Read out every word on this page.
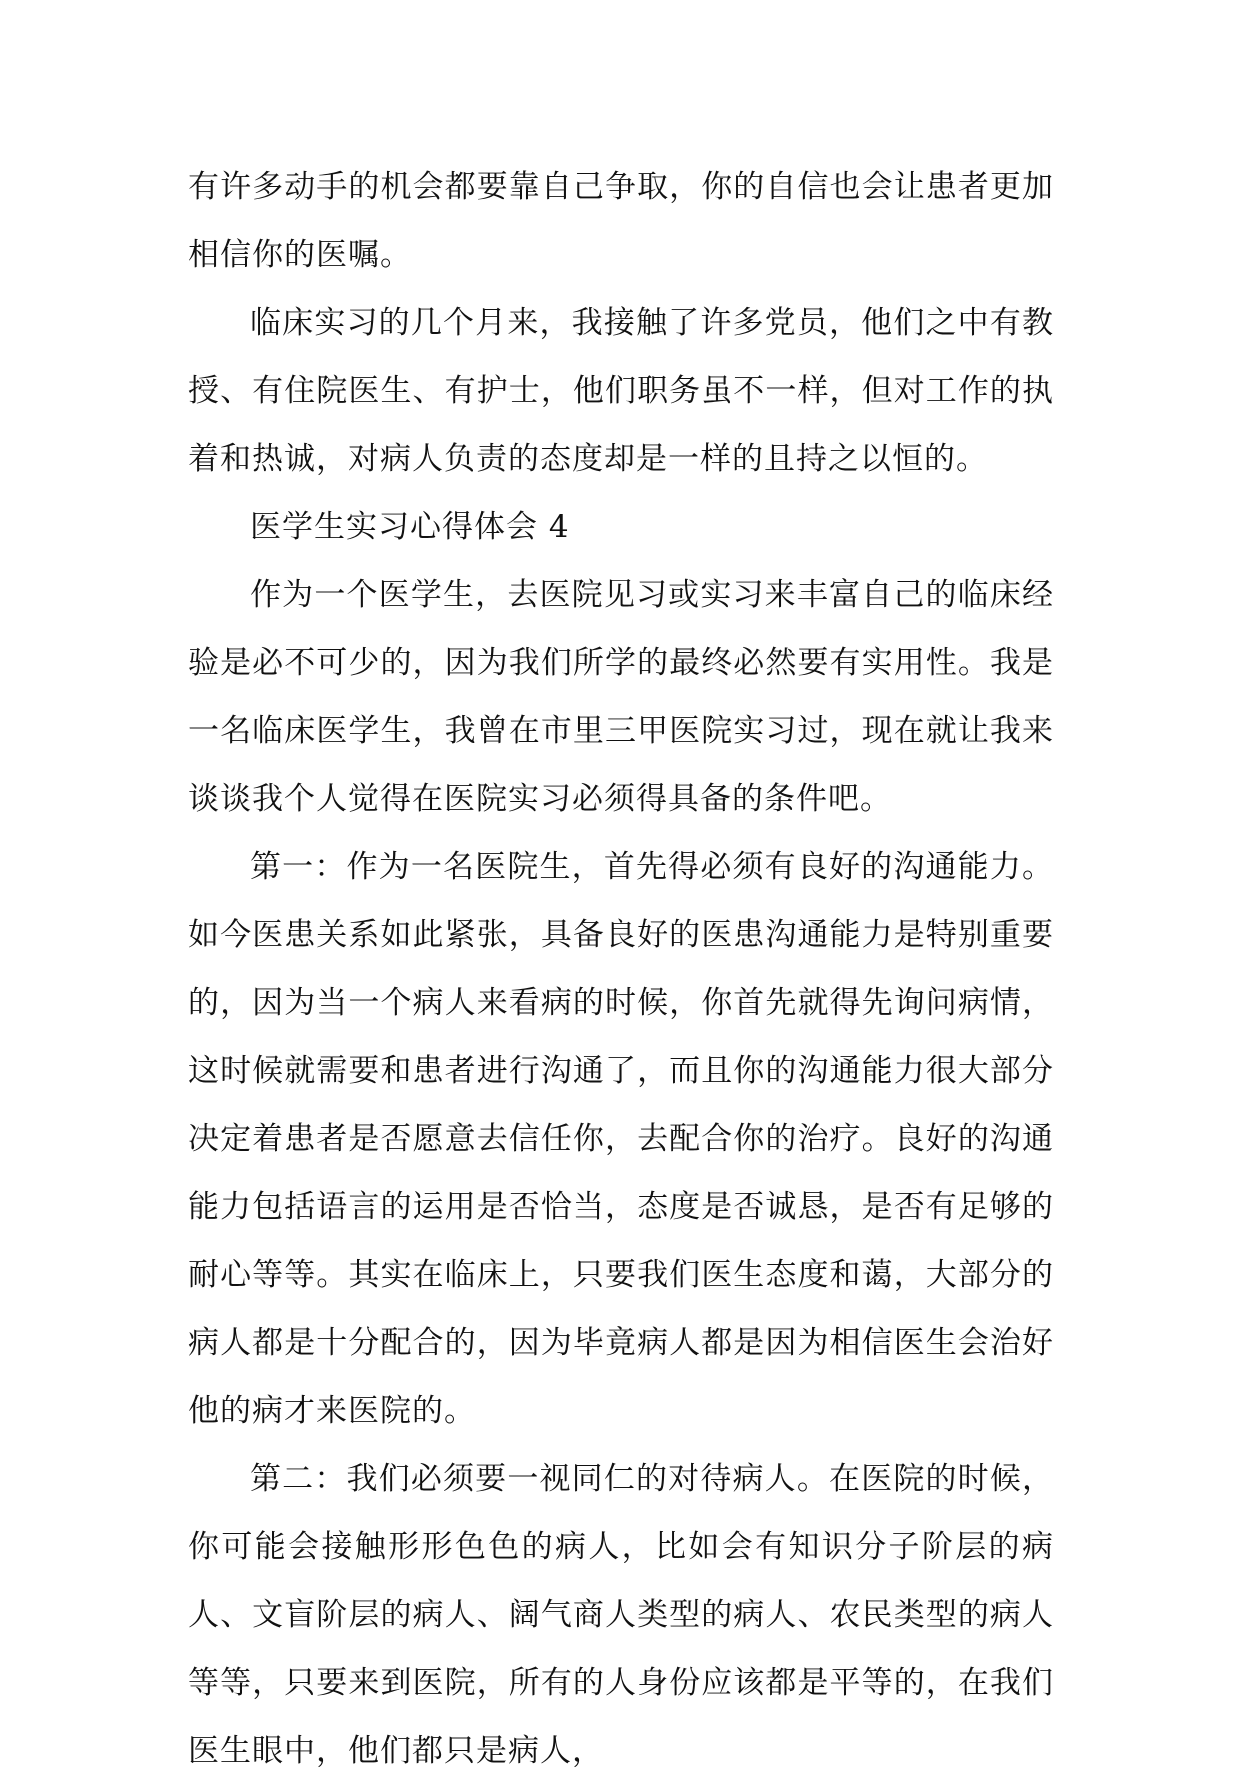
有许多动手的机会都要靠自己争取，你的自信也会让患者更加相信你的医嘱。

临床实习的几个月来，我接触了许多党员，他们之中有教授、有住院医生、有护士，他们职务虽不一样，但对工作的执着和热诚，对病人负责的态度却是一样的且持之以恒的。

医学生实习心得体会 4

作为一个医学生，去医院见习或实习来丰富自己的临床经验是必不可少的，因为我们所学的最终必然要有实用性。我是一名临床医学生，我曾在市里三甲医院实习过，现在就让我来谈谈我个人觉得在医院实习必须得具备的条件吧。

第一：作为一名医院生，首先得必须有良好的沟通能力。如今医患关系如此紧张，具备良好的医患沟通能力是特别重要的，因为当一个病人来看病的时候，你首先就得先询问病情，这时候就需要和患者进行沟通了，而且你的沟通能力很大部分决定着患者是否愿意去信任你，去配合你的治疗。良好的沟通能力包括语言的运用是否恰当，态度是否诚恳，是否有足够的耐心等等。其实在临床上，只要我们医生态度和蔼，大部分的病人都是十分配合的，因为毕竟病人都是因为相信医生会治好他的病才来医院的。

第二：我们必须要一视同仁的对待病人。在医院的时候，你可能会接触形形色色的病人，比如会有知识分子阶层的病人、文盲阶层的病人、阔气商人类型的病人、农民类型的病人等等，只要来到医院，所有的人身份应该都是平等的，在我们医生眼中，他们都只是病人，
